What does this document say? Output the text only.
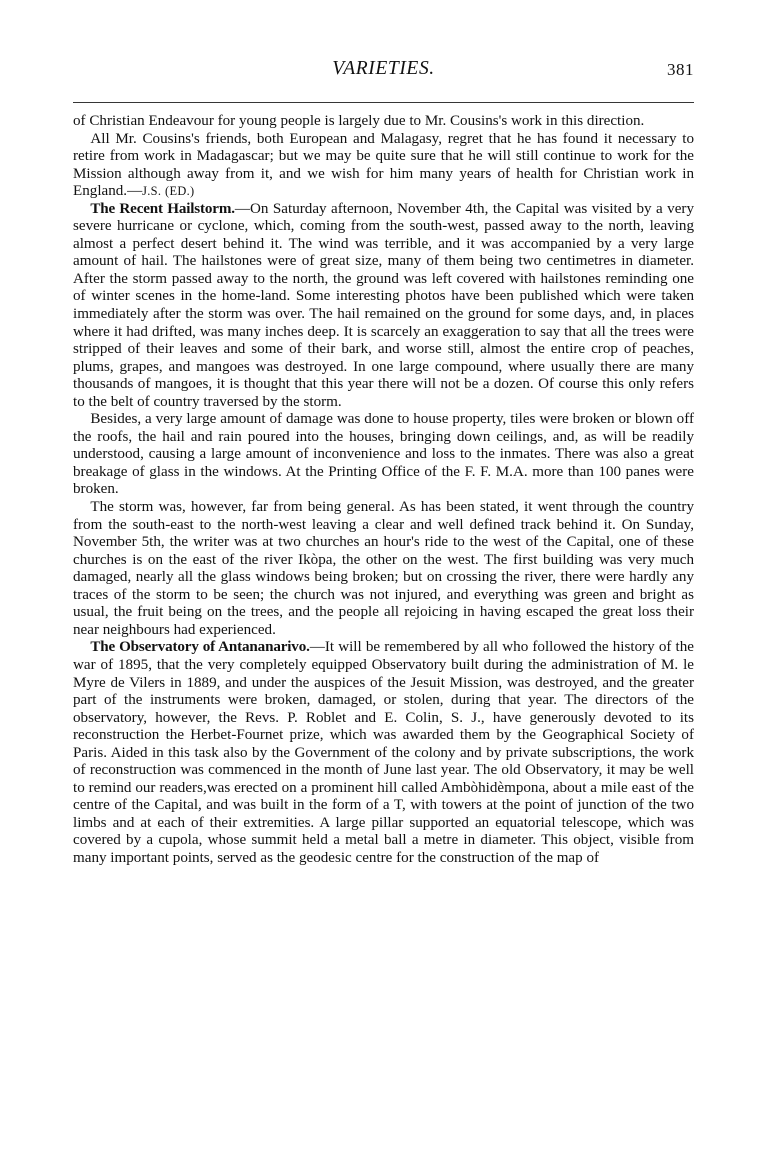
VARIETIES.	381

of Christian Endeavour for young people is largely due to Mr. Cousins's work in this direction.

All Mr. Cousins's friends, both European and Malagasy, regret that he has found it necessary to retire from work in Madagascar; but we may be quite sure that he will still continue to work for the Mission although away from it, and we wish for him many years of health for Christian work in England.—J.S. (ED.)

The Recent Hailstorm.—On Saturday afternoon, November 4th, the Capital was visited by a very severe hurricane or cyclone, which, coming from the south-west, passed away to the north, leaving almost a perfect desert behind it. The wind was terrible, and it was accompanied by a very large amount of hail. The hailstones were of great size, many of them being two centimetres in diameter. After the storm passed away to the north, the ground was left covered with hailstones reminding one of winter scenes in the home-land. Some interesting photos have been published which were taken immediately after the storm was over. The hail remained on the ground for some days, and, in places where it had drifted, was many inches deep. It is scarcely an exaggeration to say that all the trees were stripped of their leaves and some of their bark, and worse still, almost the entire crop of peaches, plums, grapes, and mangoes was destroyed. In one large compound, where usually there are many thousands of mangoes, it is thought that this year there will not be a dozen. Of course this only refers to the belt of country traversed by the storm.

Besides, a very large amount of damage was done to house property, tiles were broken or blown off the roofs, the hail and rain poured into the houses, bringing down ceilings, and, as will be readily understood, causing a large amount of inconvenience and loss to the inmates. There was also a great breakage of glass in the windows. At the Printing Office of the F. F. M.A. more than 100 panes were broken.

The storm was, however, far from being general. As has been stated, it went through the country from the south-east to the north-west leaving a clear and well defined track behind it. On Sunday, November 5th, the writer was at two churches an hour's ride to the west of the Capital, one of these churches is on the east of the river Ikòpa, the other on the west. The first building was very much damaged, nearly all the glass windows being broken; but on crossing the river, there were hardly any traces of the storm to be seen; the church was not injured, and everything was green and bright as usual, the fruit being on the trees, and the people all rejoicing in having escaped the great loss their near neighbours had experienced.

The Observatory of Antananarivo.—It will be remembered by all who followed the history of the war of 1895, that the very completely equipped Observatory built during the administration of M. le Myre de Vilers in 1889, and under the auspices of the Jesuit Mission, was destroyed, and the greater part of the instruments were broken, damaged, or stolen, during that year. The directors of the observatory, however, the Revs. P. Roblet and E. Colin, S. J., have generously devoted to its reconstruction the Herbet-Fournet prize, which was awarded them by the Geographical Society of Paris. Aided in this task also by the Government of the colony and by private subscriptions, the work of reconstruction was commenced in the month of June last year. The old Observatory, it may be well to remind our readers,was erected on a prominent hill called Ambòhidèmpona, about a mile east of the centre of the Capital, and was built in the form of a T, with towers at the point of junction of the two limbs and at each of their extremities. A large pillar supported an equatorial telescope, which was covered by a cupola, whose summit held a metal ball a metre in diameter. This object, visible from many important points, served as the geodesic centre for the construction of the map of
